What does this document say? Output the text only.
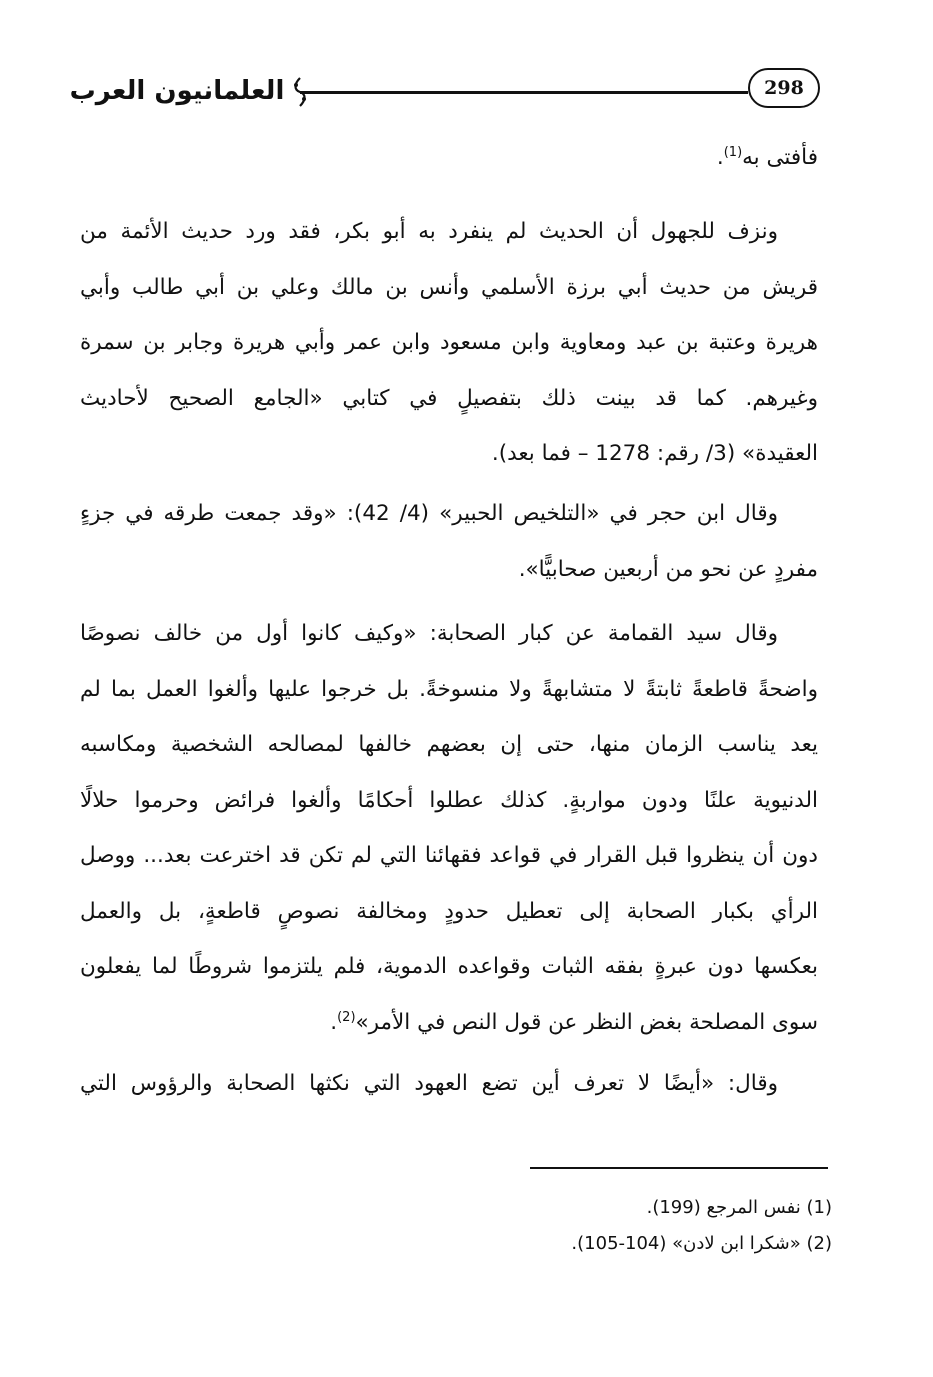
298
العلمانيون العرب

فأفتى به$^{(1)}$.

ونزف للجهول أن الحديث لم ينفرد به أبو بكر، فقد ورد حديث الأئمة من
قريش من حديث أبي برزة الأسلمي وأنس بن مالك وعلي بن أبي طالب وأبي
هريرة وعتبة بن عبد ومعاوية وابن مسعود وابن عمر وأبي هريرة وجابر بن سمرة
وغيرهم. كما قد بينت ذلك بتفصيلٍ في كتابي «الجامع الصحيح لأحاديث
العقيدة» (3/ رقم: 1278 – فما بعد).

وقال ابن حجر في «التلخيص الحبير» (4/ 42): «وقد جمعت طرقه في جزءٍ
مفردٍ عن نحو من أربعين صحابيًّا».

وقال سيد القمامة عن كبار الصحابة: «وكيف كانوا أول من خالف نصوصًا
واضحةً قاطعةً ثابتةً لا متشابهةً ولا منسوخةً. بل خرجوا عليها وألغوا العمل بما لم
يعد يناسب الزمان منها، حتى إن بعضهم خالفها لمصالحه الشخصية ومكاسبه
الدنيوية علنًا ودون مواربةٍ. كذلك عطلوا أحكامًا وألغوا فرائض وحرموا حلالًا
دون أن ينظروا قبل القرار في قواعد فقهائنا التي لم تكن قد اخترعت بعد... ووصل
الرأي بكبار الصحابة إلى تعطيل حدودٍ ومخالفة نصوصٍ قاطعةٍ، بل والعمل
بعكسها دون عبرةٍ بفقه الثبات وقواعده الدموية، فلم يلتزموا شروطًا لما يفعلون
سوى المصلحة بغض النظر عن قول النص في الأمر»$^{(2)}$.

وقال: «أيضًا لا تعرف أين تضع العهود التي نكثها الصحابة والرؤوس التي

(1) نفس المرجع (199).
(2) «شكرا ابن لادن» (104-105).
